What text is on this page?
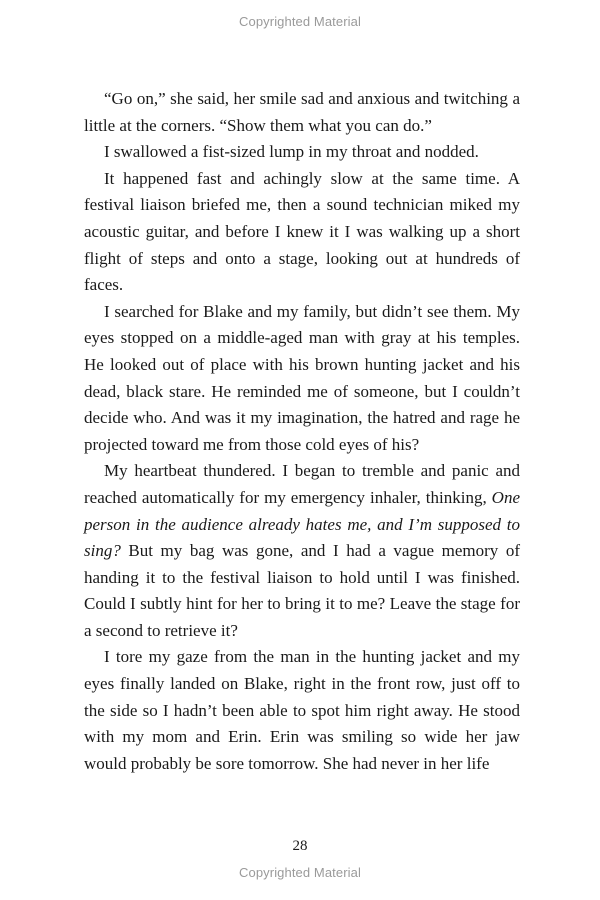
Copyrighted Material

“Go on,” she said, her smile sad and anxious and twitching a little at the corners. “Show them what you can do.”

I swallowed a fist-sized lump in my throat and nodded.

It happened fast and achingly slow at the same time. A festival liaison briefed me, then a sound technician miked my acoustic guitar, and before I knew it I was walking up a short flight of steps and onto a stage, looking out at hundreds of faces.

I searched for Blake and my family, but didn’t see them. My eyes stopped on a middle-aged man with gray at his temples. He looked out of place with his brown hunting jacket and his dead, black stare. He reminded me of someone, but I couldn’t decide who. And was it my imagination, the hatred and rage he projected toward me from those cold eyes of his?

My heartbeat thundered. I began to tremble and panic and reached automatically for my emergency inhaler, thinking, One person in the audience already hates me, and I’m supposed to sing? But my bag was gone, and I had a vague memory of handing it to the festival liaison to hold until I was finished. Could I subtly hint for her to bring it to me? Leave the stage for a second to retrieve it?

I tore my gaze from the man in the hunting jacket and my eyes finally landed on Blake, right in the front row, just off to the side so I hadn’t been able to spot him right away. He stood with my mom and Erin. Erin was smiling so wide her jaw would probably be sore tomorrow. She had never in her life

28
Copyrighted Material
